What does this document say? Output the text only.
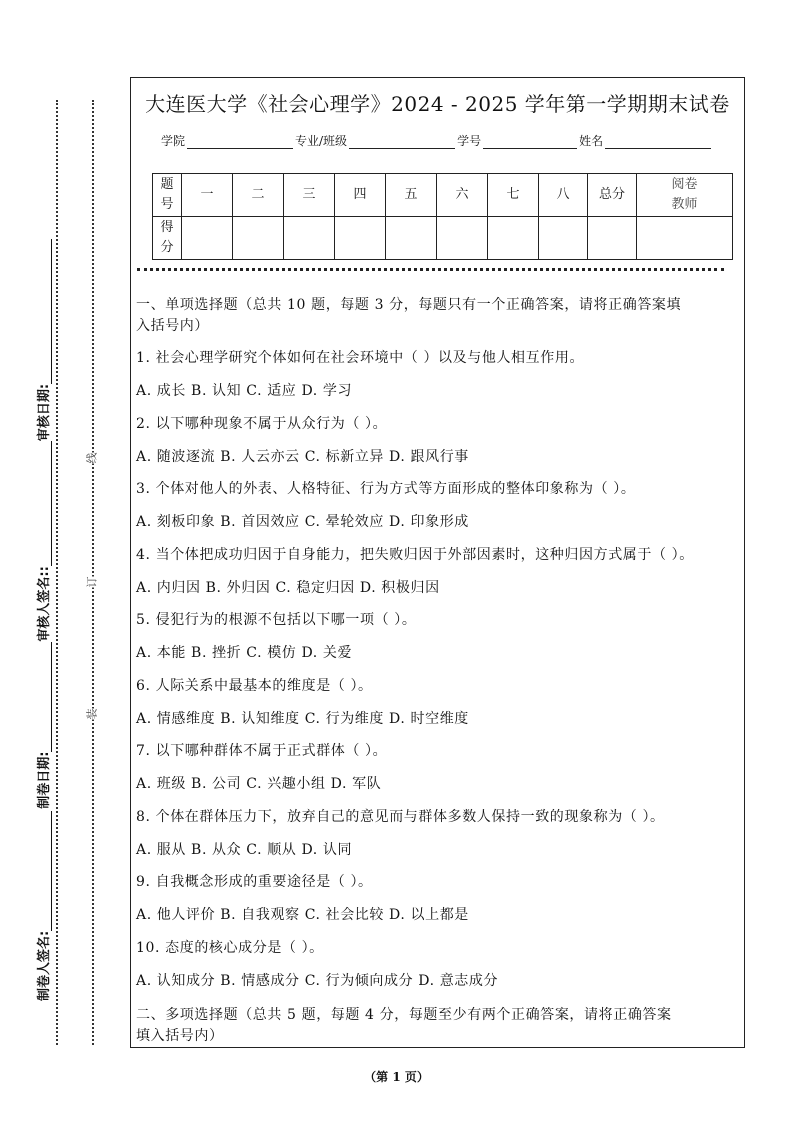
装
订
线
制卷人签名:
制卷日期:
审核人签名::
审核日期:
大连医大学《社会心理学》2024 - 2025 学年第一学期期末试卷
学院	专业/班级	学号	姓名
题
号	一	二	三	四	五	六	七	八	总分	阅卷
教师
得
分										
一、单项选择题（总共 10 题，每题 3 分，每题只有一个正确答案，请将正确答案填
入括号内）
1. 社会心理学研究个体如何在社会环境中（ ）以及与他人相互作用。
A. 成长 B. 认知 C. 适应 D. 学习
2. 以下哪种现象不属于从众行为（ ）。
A. 随波逐流 B. 人云亦云 C. 标新立异 D. 跟风行事
3. 个体对他人的外表、人格特征、行为方式等方面形成的整体印象称为（ ）。
A. 刻板印象 B. 首因效应 C. 晕轮效应 D. 印象形成
4. 当个体把成功归因于自身能力，把失败归因于外部因素时，这种归因方式属于（ ）。
A. 内归因 B. 外归因 C. 稳定归因 D. 积极归因
5. 侵犯行为的根源不包括以下哪一项（ ）。
A. 本能 B. 挫折 C. 模仿 D. 关爱
6. 人际关系中最基本的维度是（ ）。
A. 情感维度 B. 认知维度 C. 行为维度 D. 时空维度
7. 以下哪种群体不属于正式群体（ ）。
A. 班级 B. 公司 C. 兴趣小组 D. 军队
8. 个体在群体压力下，放弃自己的意见而与群体多数人保持一致的现象称为（ ）。
A. 服从 B. 从众 C. 顺从 D. 认同
9. 自我概念形成的重要途径是（ ）。
A. 他人评价 B. 自我观察 C. 社会比较 D. 以上都是
10. 态度的核心成分是（ ）。
A. 认知成分 B. 情感成分 C. 行为倾向成分 D. 意志成分
二、多项选择题（总共 5 题，每题 4 分，每题至少有两个正确答案，请将正确答案
填入括号内）
（第 1 页）
